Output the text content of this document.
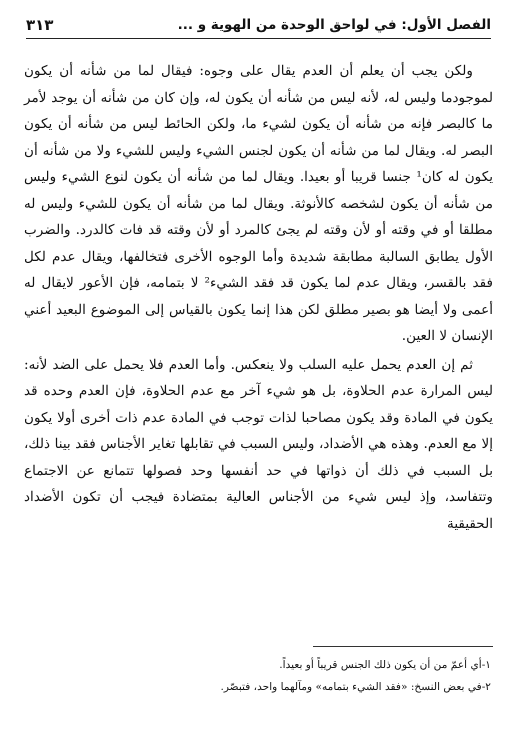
الفصل الأول: في لواحق الوحدة من الهوية و ...
٣١٣

ولكن يجب أن يعلم أن العدم يقال على وجوه: فيقال لما من شأنه أن يكون لموجودما وليس له، لأنه ليس من شأنه أن يكون له، وإن كان من شأنه أن يوجد لأمر ما كالبصر فإنه من شأنه أن يكون لشيء ما، ولكن الحائط ليس من شأنه أن يكون البصر له. ويقال لما من شأنه أن يكون لجنس الشيء وليس للشيء ولا من شأنه أن يكون له كان¹ جنسا قريبا أو بعيدا. ويقال لما من شأنه أن يكون لنوع الشيء وليس من شأنه أن يكون لشخصه كالأنوثة. ويقال لما من شأنه أن يكون للشيء وليس له مطلقا أو في وقته أو لأن وقته لم يجئ كالمرد أو لأن وقته قد فات كالدرد. والضرب الأول يطابق السالبة مطابقة شديدة وأما الوجوه الأخرى فتخالفها، ويقال عدم لكل فقد بالقسر، ويقال عدم لما يكون قد فقد الشيء² لا بتمامه، فإن الأعور لايقال له أعمى ولا أيضا هو بصير مطلق لكن هذا إنما يكون بالقياس إلى الموضوع البعيد أعني الإنسان لا العين.

ثم إن العدم يحمل عليه السلب ولا ينعكس. وأما العدم فلا يحمل على الضد لأنه: ليس المرارة عدم الحلاوة، بل هو شيء آخر مع عدم الحلاوة، فإن العدم وحده قد يكون في المادة وقد يكون مصاحبا لذات توجب في المادة عدم ذات أخرى أولا يكون إلا مع العدم. وهذه هي الأضداد، وليس السبب في تقابلها تغاير الأجناس فقد بينا ذلك، بل السبب في ذلك أن ذواتها في حد أنفسها وحد فصولها تتمانع عن الاجتماع وتتفاسد، وإذ ليس شيء من الأجناس العالية بمتضادة فيجب أن تكون الأضداد الحقيقية

١-أي أعمّ من أن يكون ذلك الجنس قريباً أو بعيداً.

٢-في بعض النسخ: «فقد الشيء بتمامه» ومآلهما واحد، فتبصّر.
